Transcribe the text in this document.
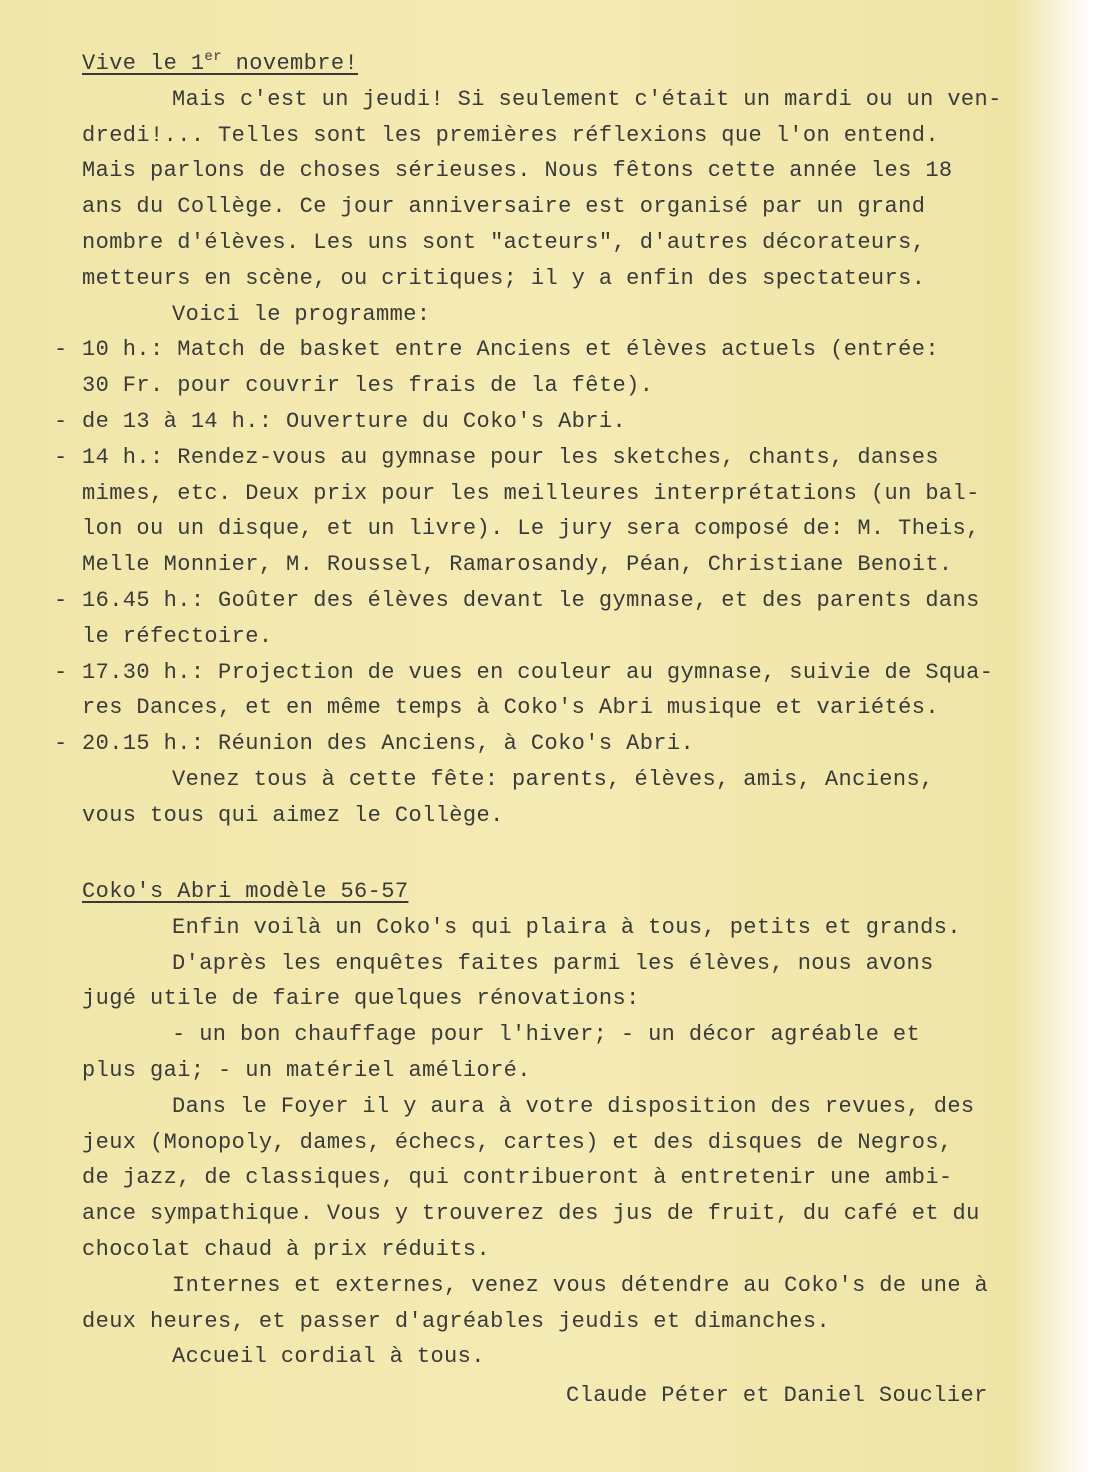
Vive le 1er novembre!
Mais c'est un jeudi! Si seulement c'était un mardi ou un ven-
dredi!... Telles sont les premières réflexions que l'on entend.
Mais parlons de choses sérieuses. Nous fêtons cette année les 18
ans du Collège. Ce jour anniversaire est organisé par un grand
nombre d'élèves. Les uns sont "acteurs", d'autres décorateurs,
metteurs en scène, ou critiques; il y a enfin des spectateurs.
Voici le programme:
- 10 h.: Match de basket entre Anciens et élèves actuels (entrée:
30 Fr. pour couvrir les frais de la fête).
- de 13 à 14 h.: Ouverture du Coko's Abri.
- 14 h.: Rendez-vous au gymnase pour les sketches, chants, danses
mimes, etc. Deux prix pour les meilleures interprétations (un bal-
lon ou un disque, et un livre). Le jury sera composé de: M. Theis,
Melle Monnier, M. Roussel, Ramarosandy, Péan, Christiane Benoit.
- 16.45 h.: Goûter des élèves devant le gymnase, et des parents dans
le réfectoire.
- 17.30 h.: Projection de vues en couleur au gymnase, suivie de Squa-
res Dances, et en même temps à Coko's Abri musique et variétés.
- 20.15 h.: Réunion des Anciens, à Coko's Abri.
Venez tous à cette fête: parents, élèves, amis, Anciens,
vous tous qui aimez le Collège.
Coko's Abri modèle 56-57
Enfin voilà un Coko's qui plaira à tous, petits et grands.
D'après les enquêtes faites parmi les élèves, nous avons
jugé utile de faire quelques rénovations:
- un bon chauffage pour l'hiver; - un décor agréable et
plus gai; - un matériel amélioré.
Dans le Foyer il y aura à votre disposition des revues, des
jeux (Monopoly, dames, échecs, cartes) et des disques de Negros,
de jazz, de classiques, qui contribueront à entretenir une ambi-
ance sympathique. Vous y trouverez des jus de fruit, du café et du
chocolat chaud à prix réduits.
Internes et externes, venez vous détendre au Coko's de une à
deux heures, et passer d'agréables jeudis et dimanches.
Accueil cordial à tous.
Claude Péter et Daniel Souclier
